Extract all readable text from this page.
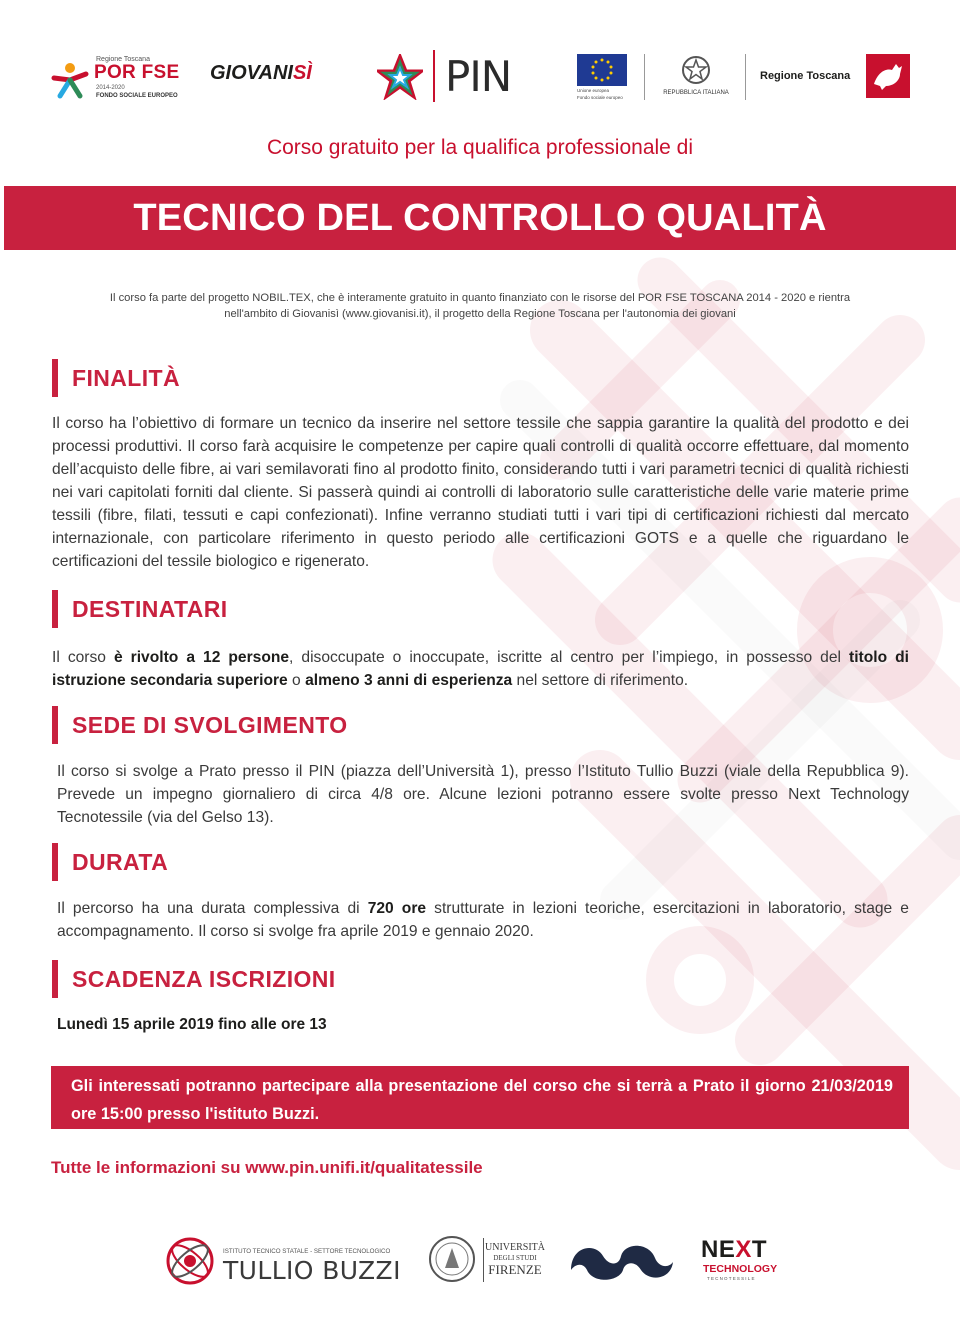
Regione Toscana
POR FSE
2014-2020
FONDO SOCIALE EUROPEO
GIOVANISÌ	PIN	Unione europea
Fondo sociale europeo
REPUBBLICA ITALIANA
Regione Toscana
Corso gratuito per la qualifica professionale di
TECNICO DEL CONTROLLO QUALITÀ
Il corso fa parte del progetto NOBIL.TEX, che è interamente gratuito in quanto finanziato con le risorse del POR FSE TOSCANA 2014 - 2020 e rientra
nell'ambito di Giovanisì (www.giovanisi.it), il progetto della Regione Toscana per l'autonomia dei giovani
FINALITÀ

Il corso ha l’obiettivo di formare un tecnico da inserire nel settore tessile che sappia garantire la qualità del prodotto e dei processi produttivi. Il corso farà acquisire le competenze per capire quali controlli di qualità occorre effettuare, dal momento dell’acquisto delle fibre, ai vari semilavorati fino al prodotto finito, considerando tutti i vari parametri tecnici di qualità richiesti nei vari capitolati forniti dal cliente. Si passerà quindi ai controlli di laboratorio sulle caratteristiche delle varie materie prime tessili (fibre, filati, tessuti e capi confezionati). Infine verranno studiati tutti i vari tipi di certificazioni richiesti dal mercato internazionale, con particolare riferimento in questo periodo alle certificazioni GOTS e a quelle che riguardano le certificazioni del tessile biologico e rigenerato.

DESTINATARI

Il corso è rivolto a 12 persone, disoccupate o inoccupate, iscritte al centro per l’impiego, in possesso del titolo di istruzione secondaria superiore o almeno 3 anni di esperienza nel settore di riferimento.

SEDE DI SVOLGIMENTO

Il corso si svolge a Prato presso il PIN (piazza dell’Università 1), presso l’Istituto Tullio Buzzi (viale della Repubblica 9). Prevede un impegno giornaliero di circa 4/8 ore. Alcune lezioni potranno essere svolte presso Next Technology Tecnotessile (via del Gelso 13).

DURATA

Il percorso ha una durata complessiva di 720 ore strutturate in lezioni teoriche, esercitazioni in laboratorio, stage e accompagnamento. Il corso si svolge fra aprile 2019 e gennaio 2020.

SCADENZA ISCRIZIONI
Lunedì 15 aprile 2019 fino alle ore 13

Gli interessati potranno partecipare alla presentazione del corso che si terrà a Prato il giorno 21/03/2019 ore 15:00 presso l'istituto Buzzi.

Tutte le informazioni su www.pin.unifi.it/qualitatessile
ISTITUTO TECNICO STATALE - SETTORE TECNOLOGICO
TULLIO BUZZI
UNIVERSITÀ
DEGLI STUDI
FIRENZE
NEXT
TECHNOLOGY
TECNOTESSILE
